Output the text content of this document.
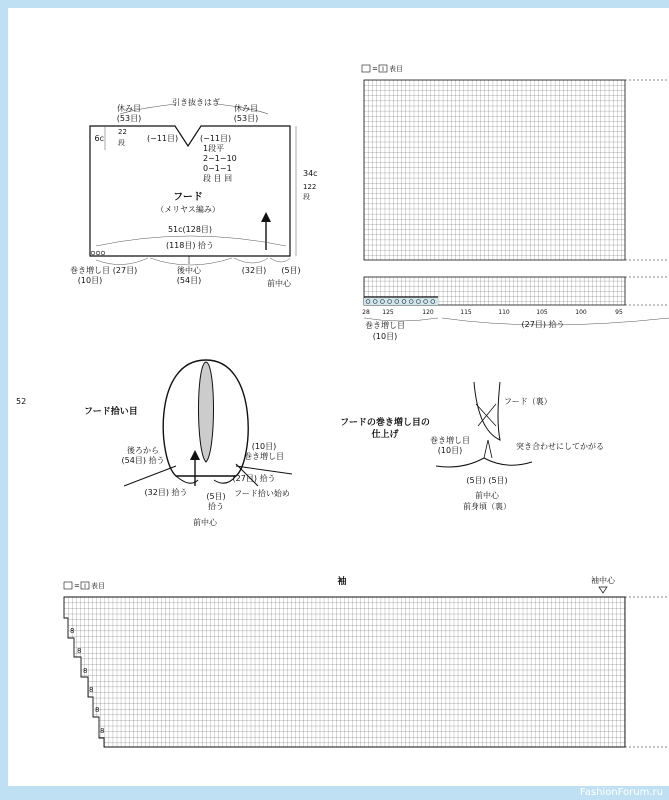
52
引き抜きはぎ
休み目
(53目)
休み目
(53目)
6c
22
段	(−11目)	(−11目)
1段平
2−1−10
0−1−1
段 目 回
フード
（メリヤス編み）
34c
122
段
51c(128目)
(118目) 拾う
巻き増し目
(10目)
(27目)	後中心
(54目)
(32目) (5目)
前中心
= I 表目
28 125	120	115	110	105	100	95
巻き増し目
(10目)
(27目) 拾う
フード拾い目
後ろから
(54目) 拾う
(10目)
巻き増し目
(27目) 拾う
(32目) 拾う (5目)
拾う
フード拾い始め
前中心
フードの巻き増し目の
仕上げ
フード（裏）
巻き増し目
(10目)	突き合わせにしてかがる
(5目) (5目)
前中心
前身頃（裏）
= I 表目	袖	袖中心
8
8
8
8
8
8
FashionForum.ru
